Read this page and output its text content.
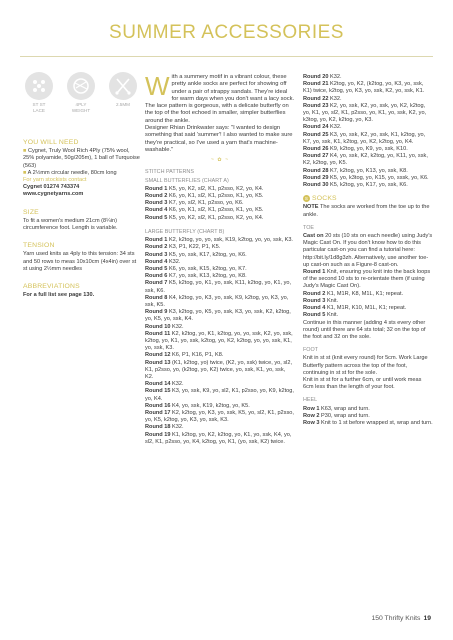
SUMMER ACCESSORIES
ST ST
LACE
4PLY
WEIGHT
2.5MM
YOU WILL NEED

■ Cygnet, Truly Wool Rich 4Ply (75% wool, 25% polyamide, 50g/205m), 1 ball of Turquoise (563)

■ A 2½mm circular needle, 80cm long

For yarn stockists contact

Cygnet 01274 743374

www.cygnetyarns.com

SIZE

To fit a women's medium 21cm (8¼in) circumference foot. Length is variable.

TENSION

Yarn used knits as 4ply to this tension: 34 sts and 50 rows to meas 10x10cm (4x4in) over st st using 2½mm needles

ABBREVIATIONS

For a full list see page 130.

With a summery motif in a vibrant colour, these pretty ankle socks are perfect for showing off under a pair of strappy sandals. They're ideal for warm days when you don't want a lacy sock. The lace pattern is gorgeous, with a delicate butterfly on the top of the foot echoed in smaller, simpler butterflies around the ankle.

Designer Rhian Drinkwater says: "I wanted to design something that said 'summer'! I also wanted to make sure they're practical, so I've used a yarn that's machine-washable."

~ ✿ ~
STITCH PATTERNS
SMALL BUTTERFLIES (CHART A)

Round 1 K5, yo, K2, sl2, K1, p2sso, K2, yo, K4.

Round 2 K6, yo, K1, sl2, K1, p2sso, K1, yo, K5.

Round 3 K7, yo, sl2, K1, p2sso, yo, K6.

Round 4 K6, yo, K1, sl2, K1, p2sso, K1, yo, K5.

Round 5 K5, yo, K2, sl2, K1, p2sso, K2, yo, K4.

LARGE BUTTERFLY (CHART B)

Round 1 K2, k2tog, yo, yo, ssk, K19, k2tog, yo, yo, ssk, K3.

Round 2 K3, P1, K22, P1, K5.

Round 3 K5, yo, ssk, K17, k2tog, yo, K6.

Round 4 K32.

Round 5 K6, yo, ssk, K15, k2tog, yo, K7.

Round 6 K7, yo, ssk, K13, k2tog, yo, K8.

Round 7 K5, k2tog, yo, K1, yo, ssk, K11, k2tog, yo, K1, yo, ssk, K6.

Round 8 K4, k2tog, yo, K3, yo, ssk, K9, k2tog, yo, K3, yo, ssk, K5.

Round 9 K3, k2tog, yo, K5, yo, ssk, K3, yo, ssk, K2, k2tog, yo, K5, yo, ssk, K4.

Round 10 K32.

Round 11 K2, k2tog, yo, K1, k2tog, yo, yo, ssk, K2, yo, ssk, k2tog, yo, K1, yo, ssk, k2tog, yo, K2, k2tog, yo, yo, ssk, K1, yo, ssk, K3.

Round 12 K6, P1, K16, P1, K8.

Round 13 (K1, k2tog, yo) twice, (K2, yo, ssk) twice, yo, sl2, K1, p2sso, yo, (k2tog, yo, K2) twice, yo, ssk, K1, yo, ssk, K2.

Round 14 K32.

Round 15 K3, yo, ssk, K9, yo, sl2, K1, p2sso, yo, K9, k2tog, yo, K4.

Round 16 K4, yo, ssk, K19, k2tog, yo, K5.

Round 17 K2, k2tog, yo, K3, yo, ssk, K5, yo, sl2, K1, p2sso, yo, K5, k2tog, yo, K3, yo, ssk, K3.

Round 18 K32.

Round 19 K1, k2tog, yo, K2, k2tog, yo, K1, yo, ssk, K4, yo, sl2, K1, p2sso, yo, K4, k2tog, yo, K1, (yo, ssk, K2) twice.

Round 20 K32.

Round 21 K2tog, yo, K2, (k2tog, yo, K3, yo, ssk, K1) twice, k2tog, yo, K3, yo, ssk, K2, yo, ssk, K1.

Round 22 K32.

Round 23 K2, yo, ssk, K2, yo, ssk, yo, K2, k2tog, yo, K1, yo, sl2, K1, p2sso, yo, K1, yo, ssk, K2, yo, k3tog, yo, K2, k2tog, yo, K3.

Round 24 K32.

Round 25 K3, yo, ssk, K2, yo, ssk, K1, k2tog, yo, K7, yo, ssk, K1, k2tog, yo, K2, k2tog, yo, K4.

Round 26 K9, k2tog, yo, K9, yo, ssk, K10.

Round 27 K4, yo, ssk, K2, k2tog, yo, K11, yo, ssk, K2, k2tog, yo, K5.

Round 28 K7, k2tog, yo, K13, yo, ssk, K8.

Round 29 K5, yo, k3tog, yo, K15, yo, sssk, yo, K6.

Round 30 K5, k2tog, yo, K17, yo, ssk, K6.

S SOCKS

NOTE The socks are worked from the toe up to the ankle.

TOE

Cast on 20 sts (10 sts on each needle) using Judy's Magic Cast On. If you don't know how to do this particular cast-on you can find a tutorial here: http://bit.ly/1d8g3zh. Alternatively, use another toe-up cast-on such as a Figure-8 cast-on.

Round 1 Knit, ensuring you knit into the back loops of the second 10 sts to re-orientate them (if using Judy's Magic Cast On).

Round 2 K1, M1R, K8, M1L, K1; repeat.

Round 3 Knit.

Round 4 K1, M1R, K10, M1L, K1; repeat.

Round 5 Knit.

Continue in this manner (adding 4 sts every other round) until there are 64 sts total; 32 on the top of the foot and 32 on the sole.

FOOT

Knit in st st (knit every round) for 5cm. Work Large Butterfly pattern across the top of the foot, continuing in st st for the sole.

Knit in st st for a further 6cm, or until work meas 6cm less than the length of your foot.

HEEL

Row 1 K63, wrap and turn.

Row 2 P30, wrap and turn.

Row 3 Knit to 1 st before wrapped st, wrap and turn.

150 Thrifty Knits 19
